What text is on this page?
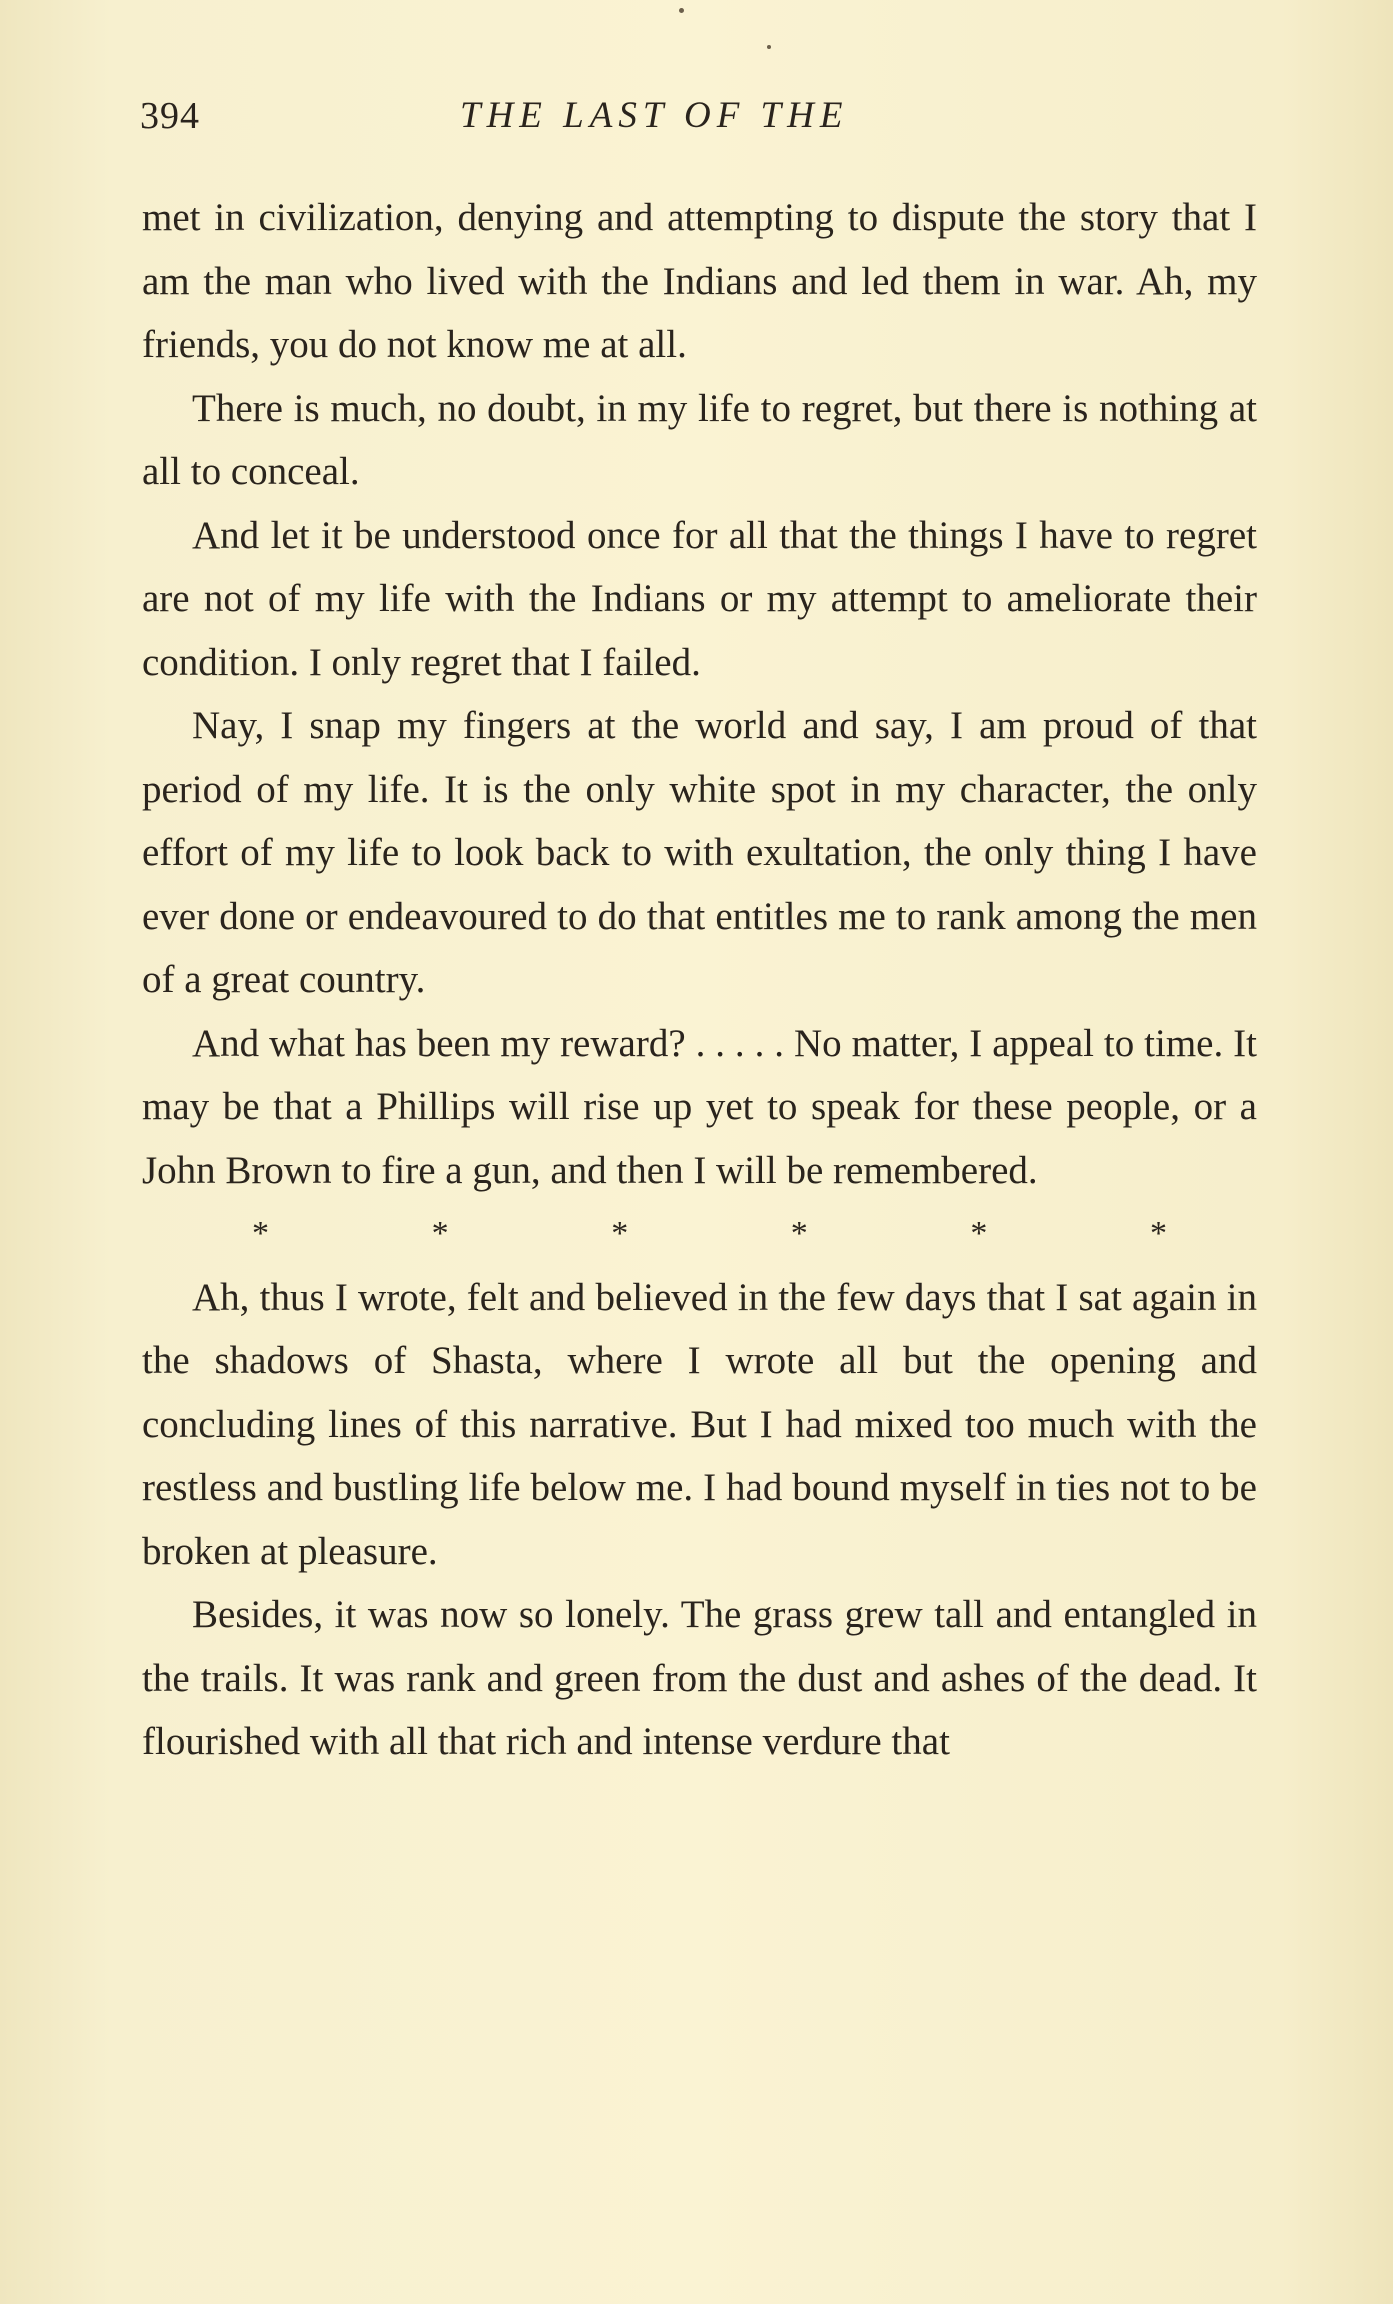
394	THE LAST OF THE

met in civilization, denying and attempting to dispute the story that I am the man who lived with the Indians and led them in war. Ah, my friends, you do not know me at all.

There is much, no doubt, in my life to regret, but there is nothing at all to conceal.

And let it be understood once for all that the things I have to regret are not of my life with the Indians or my attempt to ameliorate their condition. I only regret that I failed.

Nay, I snap my fingers at the world and say, I am proud of that period of my life. It is the only white spot in my character, the only effort of my life to look back to with exultation, the only thing I have ever done or endeavoured to do that entitles me to rank among the men of a great country.

And what has been my reward? . . . . . No matter, I appeal to time. It may be that a Phillips will rise up yet to speak for these people, or a John Brown to fire a gun, and then I will be remembered.

*	*	*	*	*	*

Ah, thus I wrote, felt and believed in the few days that I sat again in the shadows of Shasta, where I wrote all but the opening and concluding lines of this narrative. But I had mixed too much with the restless and bustling life below me. I had bound myself in ties not to be broken at pleasure.

Besides, it was now so lonely. The grass grew tall and entangled in the trails. It was rank and green from the dust and ashes of the dead. It flourished with all that rich and intense verdure that
